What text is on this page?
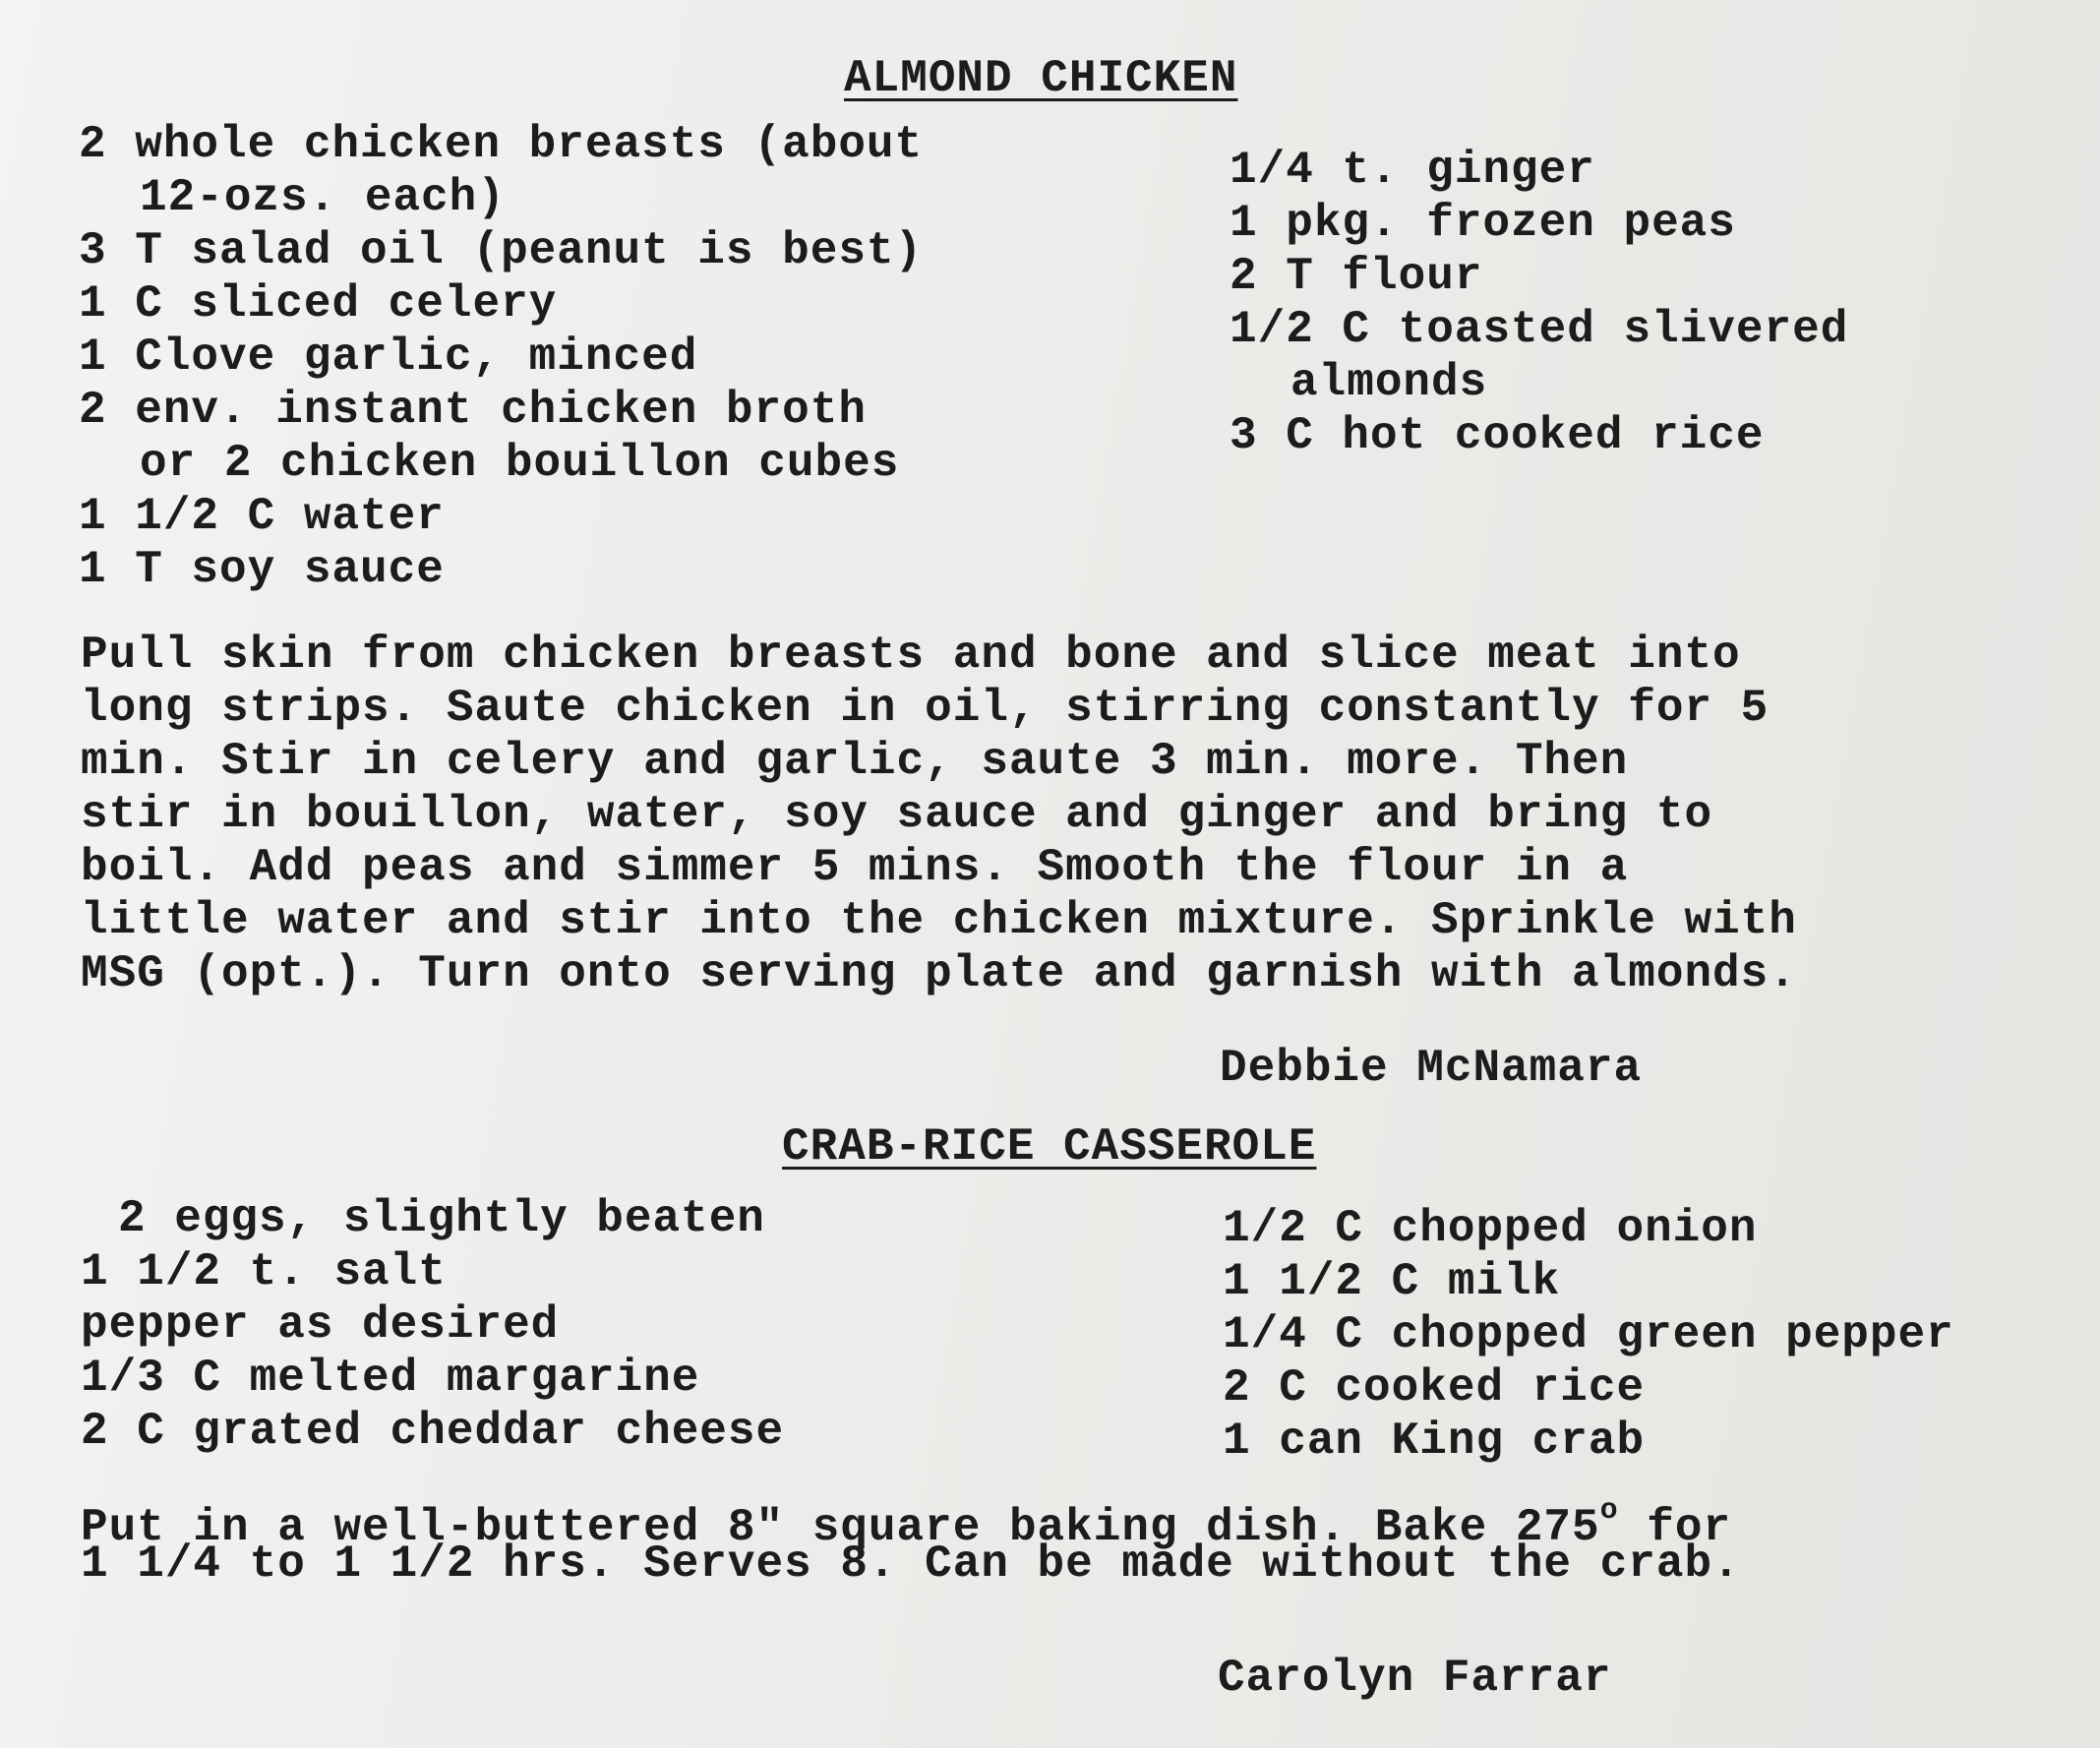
ALMOND CHICKEN
2 whole chicken breasts (about
12-ozs. each)
3 T salad oil (peanut is best)
1 C sliced celery
1 Clove garlic, minced
2 env. instant chicken broth
or 2 chicken bouillon cubes
1 1/2 C water
1 T soy sauce
1/4 t. ginger
1 pkg. frozen peas
2 T flour
1/2 C toasted slivered
almonds
3 C hot cooked rice
Pull skin from chicken breasts and bone and slice meat into
long strips. Saute chicken in oil, stirring constantly for 5
min. Stir in celery and garlic, saute 3 min. more. Then
stir in bouillon, water, soy sauce and ginger and bring to
boil. Add peas and simmer 5 mins. Smooth the flour in a
little water and stir into the chicken mixture. Sprinkle with
MSG (opt.). Turn onto serving plate and garnish with almonds.
Debbie McNamara
CRAB-RICE CASSEROLE
2 eggs, slightly beaten
1 1/2 t. salt
pepper as desired
1/3 C melted margarine
2 C grated cheddar cheese
1/2 C chopped onion
1 1/2 C milk
1/4 C chopped green pepper
2 C cooked rice
1 can King crab
Put in a well-buttered 8" square baking dish. Bake 275$^o$ for
1 1/4 to 1 1/2 hrs. Serves 8. Can be made without the crab.
Carolyn Farrar
